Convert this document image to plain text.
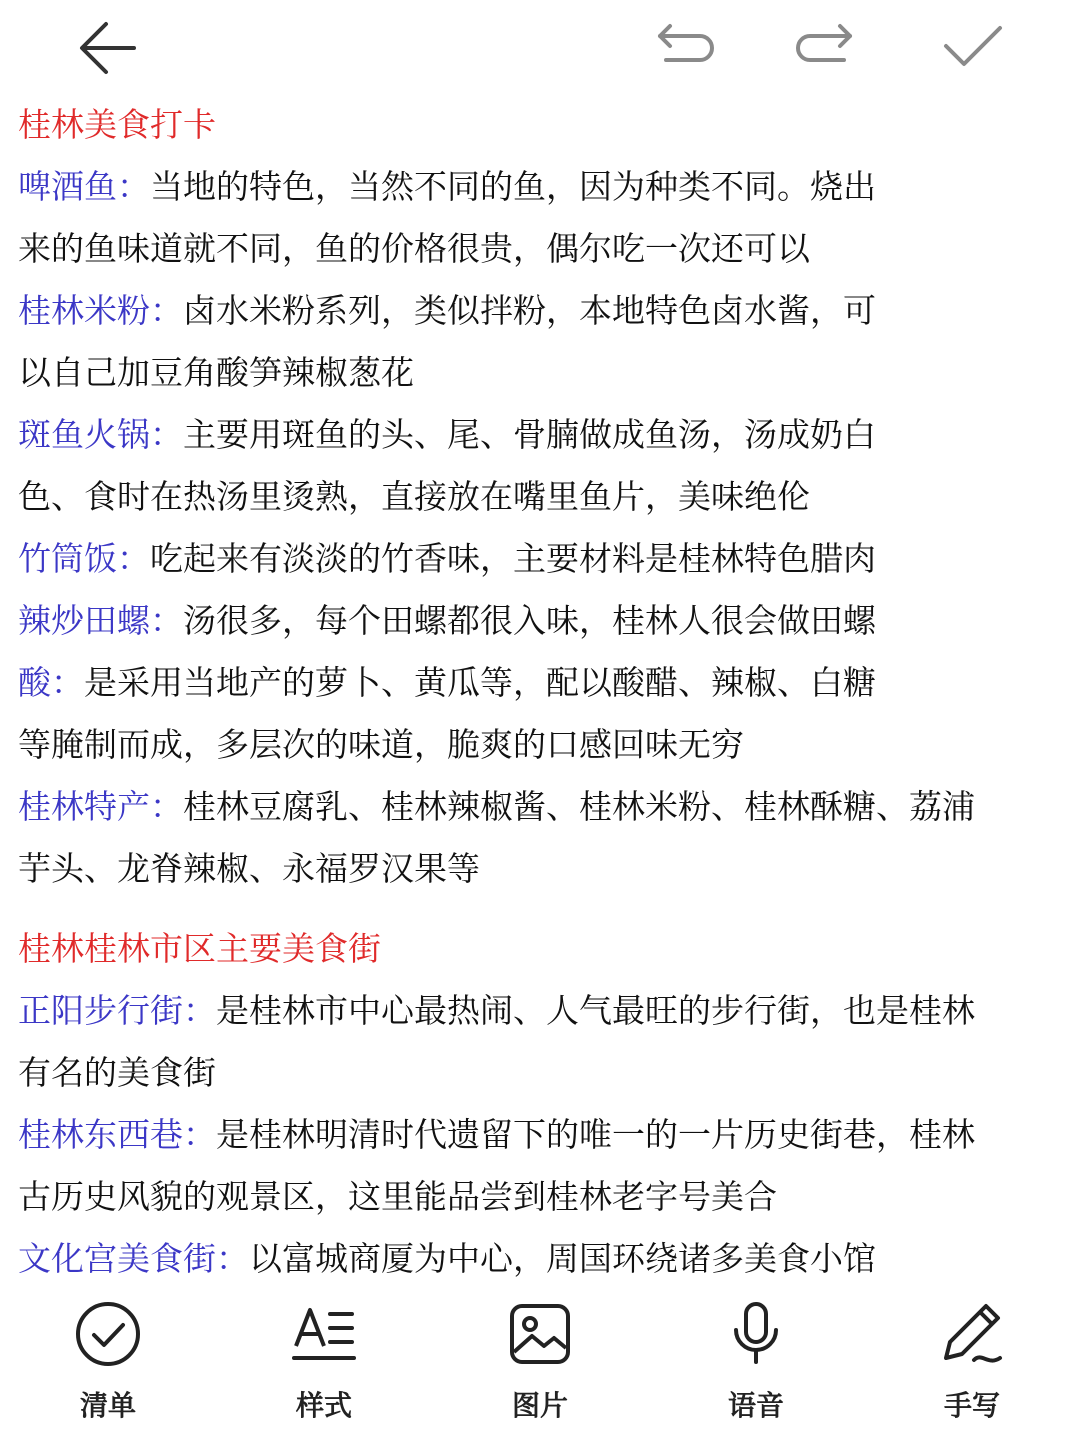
桂林美食打卡
啤酒鱼：当地的特色，当然不同的鱼，因为种类不同。烧出
来的鱼味道就不同，鱼的价格很贵，偶尔吃一次还可以
桂林米粉：卤水米粉系列，类似拌粉，本地特色卤水酱，可
以自己加豆角酸笋辣椒葱花
斑鱼火锅：主要用斑鱼的头、尾、骨腩做成鱼汤，汤成奶白
色、食时在热汤里烫熟，直接放在嘴里鱼片，美味绝伦
竹筒饭：吃起来有淡淡的竹香味，主要材料是桂林特色腊肉
辣炒田螺：汤很多，每个田螺都很入味，桂林人很会做田螺
酸：是采用当地产的萝卜、黄瓜等，配以酸醋、辣椒、白糖
等腌制而成，多层次的味道，脆爽的口感回味无穷
桂林特产：桂林豆腐乳、桂林辣椒酱、桂林米粉、桂林酥糖、荔浦
芋头、龙脊辣椒、永福罗汉果等
桂林桂林市区主要美食街
正阳步行街：是桂林市中心最热闹、人气最旺的步行街，也是桂林
有名的美食街
桂林东西巷：是桂林明清时代遗留下的唯一的一片历史街巷，桂林
古历史风貌的观景区，这里能品尝到桂林老字号美合
文化宫美食街：以富城商厦为中心，周国环绕诸多美食小馆
清单	样式	图片	语音	手写
